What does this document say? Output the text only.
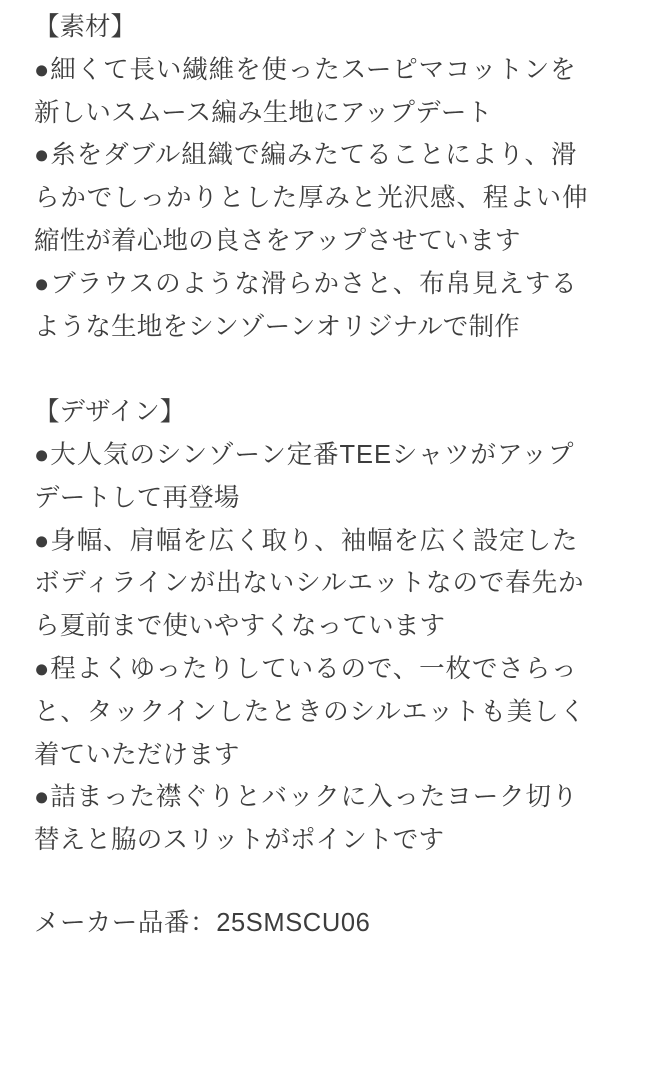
【素材】
●細くて長い繊維を使ったスーピマコットンを
新しいスムース編み生地にアップデート
●糸をダブル組織で編みたてることにより、滑
らかでしっかりとした厚みと光沢感、程よい伸
縮性が着心地の良さをアップさせています
●ブラウスのような滑らかさと、布帛見えする
ような生地をシンゾーンオリジナルで制作
【デザイン】
●大人気のシンゾーン定番TEEシャツがアップ
デートして再登場
●身幅、肩幅を広く取り、袖幅を広く設定した
ボディラインが出ないシルエットなので春先か
ら夏前まで使いやすくなっています
●程よくゆったりしているので、一枚でさらっ
と、タックインしたときのシルエットも美しく
着ていただけます
●詰まった襟ぐりとバックに入ったヨーク切り
替えと脇のスリットがポイントです
メーカー品番：25SMSCU06
